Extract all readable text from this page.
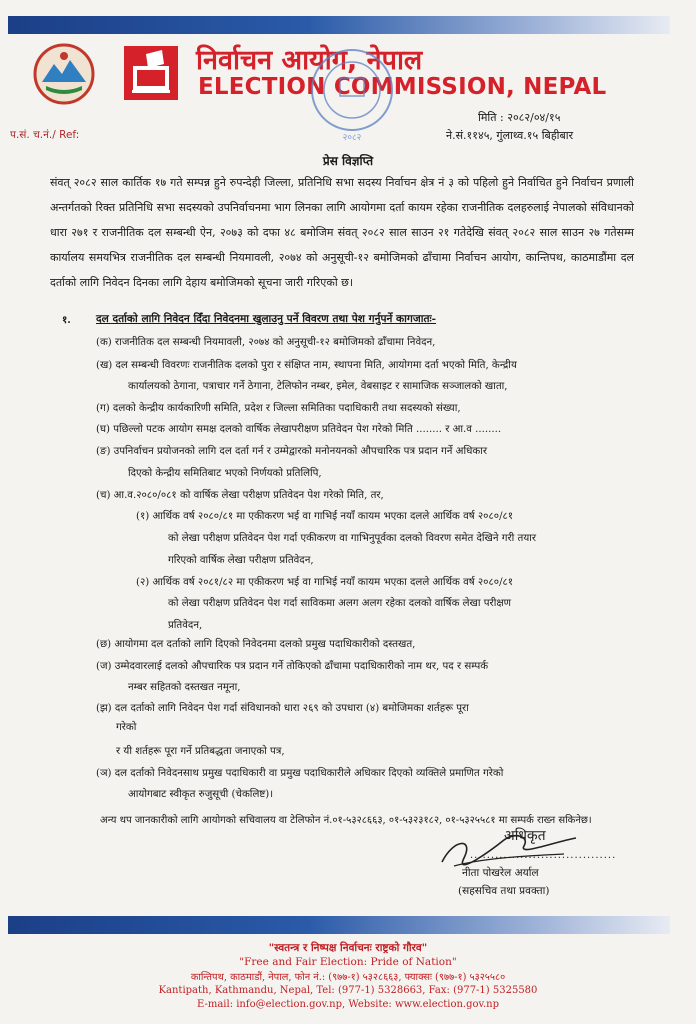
निर्वाचन आयोग, नेपाल
ELECTION COMMISSION, NEPAL
२०८२
प.सं. च.नं./ Ref:
मिति : २०८२/०४/१५
ने.सं.११४५, गुंलाथ्व.१५ बिहीबार
प्रेस विज्ञप्ति
संवत् २०८२ साल कार्तिक १७ गते सम्पन्न हुने रुपन्देही जिल्ला, प्रतिनिधि सभा सदस्य निर्वाचन क्षेत्र नं ३ को पहिलो हुने निर्वाचित हुने निर्वाचन प्रणाली अन्तर्गतको रिक्त प्रतिनिधि सभा सदस्यको उपनिर्वाचनमा भाग लिनका लागि आयोगमा दर्ता कायम रहेका राजनीतिक दलहरुलाई नेपालको संविधानको धारा २७१ र राजनीतिक दल सम्बन्धी ऐन, २०७३ को दफा ४८ बमोजिम संवत् २०८२ साल साउन २१ गतेदेखि संवत् २०८२ साल साउन २७ गतेसम्म कार्यालय समयभित्र राजनीतिक दल सम्बन्धी नियमावली, २०७४ को अनुसूची-१२ बमोजिमको ढाँचामा निर्वाचन आयोग, कान्तिपथ, काठमाडौंमा दल दर्ताको लागि निवेदन दिनका लागि देहाय बमोजिमको सूचना जारी गरिएको छ।
१. दल दर्ताको लागि निवेदन दिँदा निवेदनमा खुलाउनु पर्ने विवरण तथा पेश गर्नुपर्ने कागजातः-
(क) राजनीतिक दल सम्बन्धी नियमावली, २०७४ को अनुसूची-१२ बमोजिमको ढाँचामा निवेदन,
(ख) दल सम्बन्धी विवरणः राजनीतिक दलको पुरा र संक्षिप्त नाम, स्थापना मिति, आयोगमा दर्ता भएको मिति, केन्द्रीय
कार्यालयको ठेगाना, पत्राचार गर्ने ठेगाना, टेलिफोन नम्बर, इमेल, वेबसाइट र सामाजिक सञ्जालको खाता,
(ग) दलको केन्द्रीय कार्यकारिणी समिति, प्रदेश र जिल्ला समितिका पदाधिकारी तथा सदस्यको संख्या,
(घ) पछिल्लो पटक आयोग समक्ष दलको वार्षिक लेखापरीक्षण प्रतिवेदन पेश गरेको मिति ........ र आ.व ........
(ङ) उपनिर्वाचन प्रयोजनको लागि दल दर्ता गर्न र उम्मेद्वारको मनोनयनको औपचारिक पत्र प्रदान गर्ने अधिकार
दिएको केन्द्रीय समितिबाट भएको निर्णयको प्रतिलिपि,
(च) आ.व.२०८०/०८१ को वार्षिक लेखा परीक्षण प्रतिवेदन पेश गरेको मिति, तर,
(१) आर्थिक वर्ष २०८०/८१ मा एकीकरण भई वा गाभिई नयाँ कायम भएका दलले आर्थिक वर्ष २०८०/८१
को लेखा परीक्षण प्रतिवेदन पेश गर्दा एकीकरण वा गाभिनुपूर्वका दलको विवरण समेत देखिने गरी तयार
गरिएको वार्षिक लेखा परीक्षण प्रतिवेदन,
(२) आर्थिक वर्ष २०८१/८२ मा एकीकरण भई वा गाभिई नयाँ कायम भएका दलले आर्थिक वर्ष २०८०/८१
को लेखा परीक्षण प्रतिवेदन पेश गर्दा साविकमा अलग अलग रहेका दलको वार्षिक लेखा परीक्षण
प्रतिवेदन,
(छ) आयोगमा दल दर्ताको लागि दिएको निवेदनमा दलको प्रमुख पदाधिकारीको दस्तखत,
(ज) उम्मेदवारलाई दलको औपचारिक पत्र प्रदान गर्ने तोकिएको ढाँचामा पदाधिकारीको नाम थर, पद र सम्पर्क
नम्बर सहितको दस्तखत नमूना,
(झ) दल दर्ताको लागि निवेदन पेश गर्दा संविधानको धारा २६९ को उपधारा (४) बमोजिमका शर्तहरू पूरा
गरेको
र यी शर्तहरू पूरा गर्ने प्रतिबद्धता जनाएको पत्र,
(ञ) दल दर्ताको निवेदनसाथ प्रमुख पदाधिकारी वा प्रमुख पदाधिकारीले अधिकार दिएको व्यक्तिले प्रमाणित गरेको
आयोगबाट स्वीकृत रुजुसूची (चेकलिष्ट)।
अन्य थप जानकारीको लागि आयोगको सचिवालय वा टेलिफोन नं.०१-५३२८६६३, ०१-५३२३१८२, ०१-५३२५५८१ मा सम्पर्क राख्न सकिनेछ।
अधिकृत
...................................
नीता पोखरेल अर्याल
(सहसचिव तथा प्रवक्ता)
"स्वतन्त्र र निष्पक्ष निर्वाचनः राष्ट्रको गौरव"
"Free and Fair Election: Pride of Nation"
कान्तिपथ, काठमाडौं, नेपाल, फोन नं.: (९७७-१) ५३२८६६३, फ्याक्सः (९७७-१) ५३२५५८०
Kantipath, Kathmandu, Nepal, Tel: (977-1) 5328663, Fax: (977-1) 5325580
E-mail: info@election.gov.np, Website: www.election.gov.np
